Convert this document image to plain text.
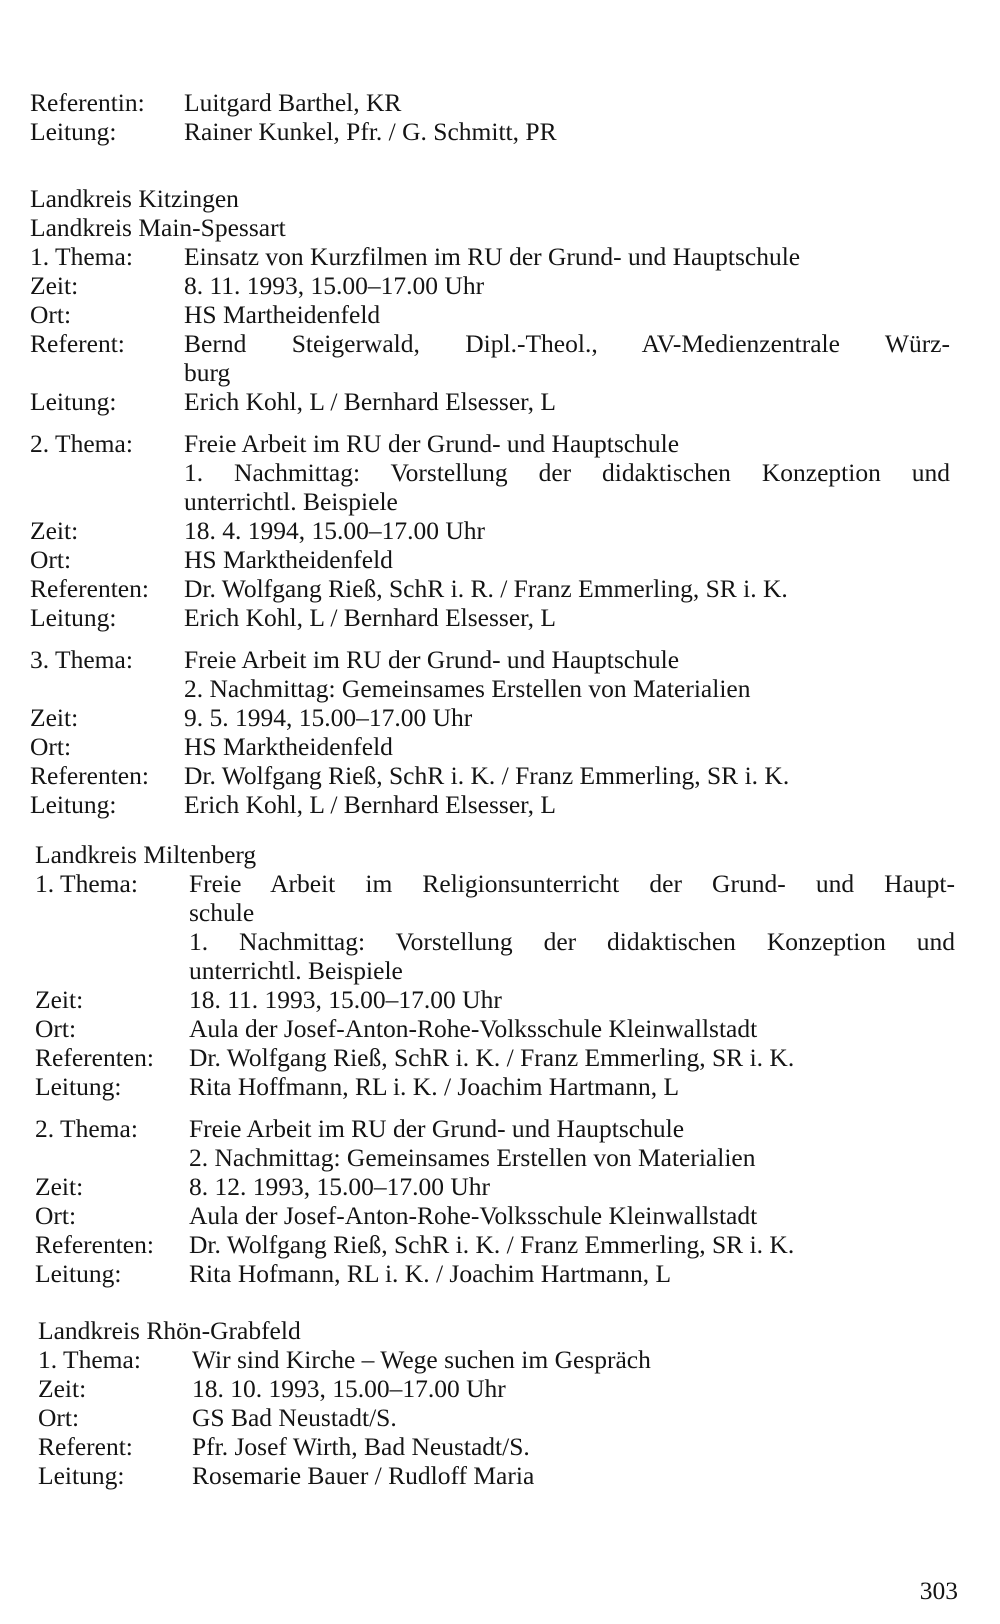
Referentin:	Luitgard Barthel, KR
Leitung:	Rainer Kunkel, Pfr. / G. Schmitt, PR
Landkreis Kitzingen
Landkreis Main-Spessart
1. Thema:	Einsatz von Kurzfilmen im RU der Grund- und Hauptschule
Zeit:	8. 11. 1993, 15.00–17.00 Uhr
Ort:	HS Martheidenfeld
Referent:	Bernd Steigerwald, Dipl.-Theol., AV-Medienzentrale Würz-
burg
Leitung:	Erich Kohl, L / Bernhard Elsesser, L
2. Thema:	Freie Arbeit im RU der Grund- und Hauptschule
1. Nachmittag: Vorstellung der didaktischen Konzeption und
unterrichtl. Beispiele
Zeit:	18. 4. 1994, 15.00–17.00 Uhr
Ort:	HS Marktheidenfeld
Referenten:	Dr. Wolfgang Rieß, SchR i. R. / Franz Emmerling, SR i. K.
Leitung:	Erich Kohl, L / Bernhard Elsesser, L
3. Thema:	Freie Arbeit im RU der Grund- und Hauptschule
2. Nachmittag: Gemeinsames Erstellen von Materialien
Zeit:	9. 5. 1994, 15.00–17.00 Uhr
Ort:	HS Marktheidenfeld
Referenten:	Dr. Wolfgang Rieß, SchR i. K. / Franz Emmerling, SR i. K.
Leitung:	Erich Kohl, L / Bernhard Elsesser, L
Landkreis Miltenberg
1. Thema:	Freie Arbeit im Religionsunterricht der Grund- und Haupt-
schule
1. Nachmittag: Vorstellung der didaktischen Konzeption und
unterrichtl. Beispiele
Zeit:	18. 11. 1993, 15.00–17.00 Uhr
Ort:	Aula der Josef-Anton-Rohe-Volksschule Kleinwallstadt
Referenten:	Dr. Wolfgang Rieß, SchR i. K. / Franz Emmerling, SR i. K.
Leitung:	Rita Hoffmann, RL i. K. / Joachim Hartmann, L
2. Thema:	Freie Arbeit im RU der Grund- und Hauptschule
2. Nachmittag: Gemeinsames Erstellen von Materialien
Zeit:	8. 12. 1993, 15.00–17.00 Uhr
Ort:	Aula der Josef-Anton-Rohe-Volksschule Kleinwallstadt
Referenten:	Dr. Wolfgang Rieß, SchR i. K. / Franz Emmerling, SR i. K.
Leitung:	Rita Hofmann, RL i. K. / Joachim Hartmann, L
Landkreis Rhön-Grabfeld
1. Thema:	Wir sind Kirche – Wege suchen im Gespräch
Zeit:	18. 10. 1993, 15.00–17.00 Uhr
Ort:	GS Bad Neustadt/S.
Referent:	Pfr. Josef Wirth, Bad Neustadt/S.
Leitung:	Rosemarie Bauer / Rudloff Maria
303
